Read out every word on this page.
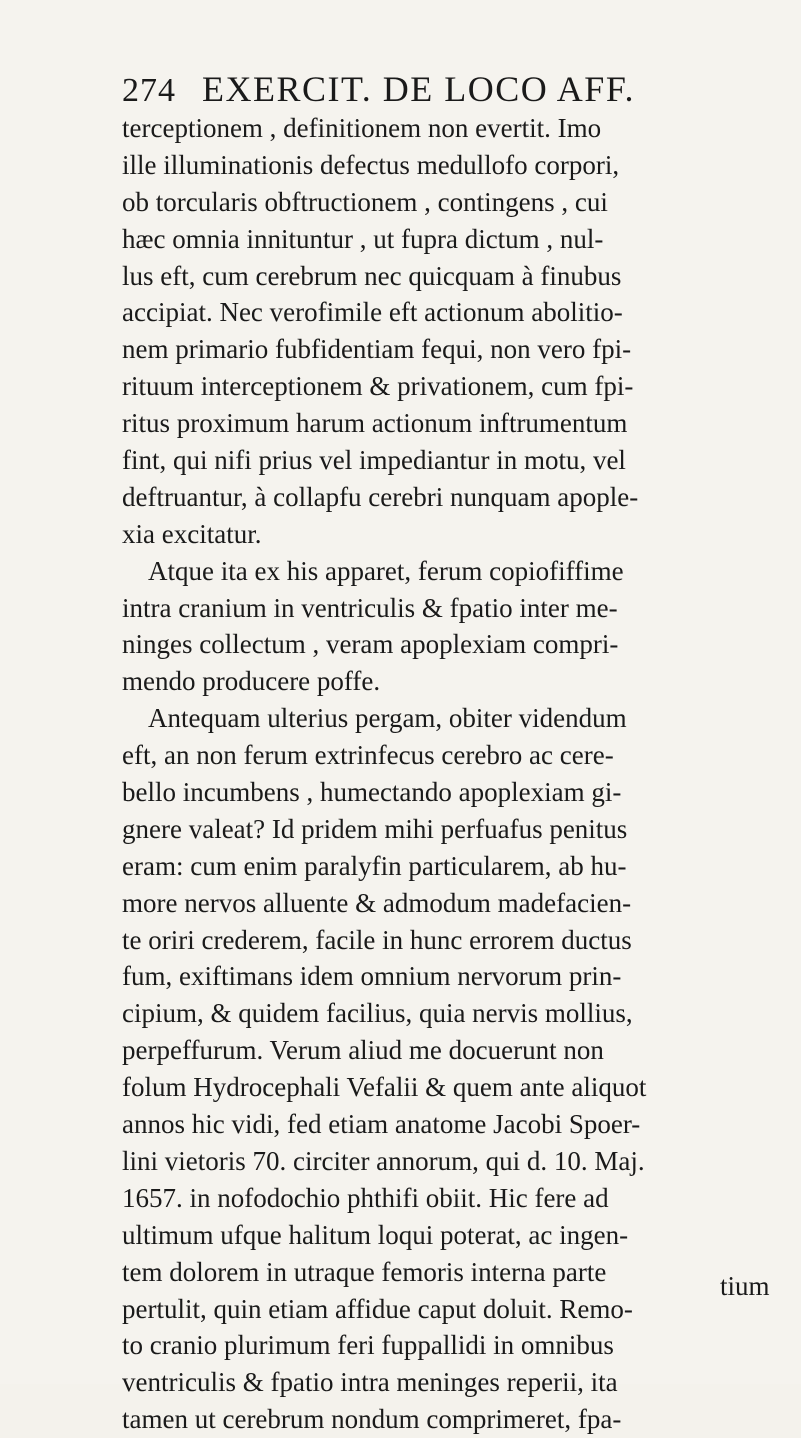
274 EXERCIT. DE LOCO AFF.
terceptionem , definitionem non evertit. Imo
ille illuminationis defectus medullofo corpori,
ob torcularis obftructionem , contingens , cui
hæc omnia innituntur , ut fupra dictum , nul-
lus eft, cum cerebrum nec quicquam à finubus
accipiat. Nec verofimile eft actionum abolitio-
nem primario fubfidentiam fequi, non vero fpi-
rituum interceptionem & privationem, cum fpi-
ritus proximum harum actionum inftrumentum
fint, qui nifi prius vel impediantur in motu, vel
deftruantur, à collapfu cerebri nunquam apople-
xia excitatur.
Atque ita ex his apparet, ferum copiofiffime
intra cranium in ventriculis & fpatio inter me-
ninges collectum , veram apoplexiam compri-
mendo producere poffe.
Antequam ulterius pergam, obiter videndum
eft, an non ferum extrinfecus cerebro ac cere-
bello incumbens , humectando apoplexiam gi-
gnere valeat? Id pridem mihi perfuafus penitus
eram: cum enim paralyfin particularem, ab hu-
more nervos alluente & admodum madefacien-
te oriri crederem, facile in hunc errorem ductus
fum, exiftimans idem omnium nervorum prin-
cipium, & quidem facilius, quia nervis mollius,
perpeffurum. Verum aliud me docuerunt non
folum Hydrocephali Vefalii & quem ante aliquot
annos hic vidi, fed etiam anatome Jacobi Spoer-
lini vietoris 70. circiter annorum, qui d. 10. Maj.
1657. in nofodochio phthifi obiit. Hic fere ad
ultimum ufque halitum loqui poterat, ac ingen-
tem dolorem in utraque femoris interna parte
pertulit, quin etiam affidue caput doluit. Remo-
to cranio plurimum feri fuppallidi in omnibus
ventriculis & fpatio intra meninges reperii, ita
tamen ut cerebrum nondum comprimeret, fpa-
tium
